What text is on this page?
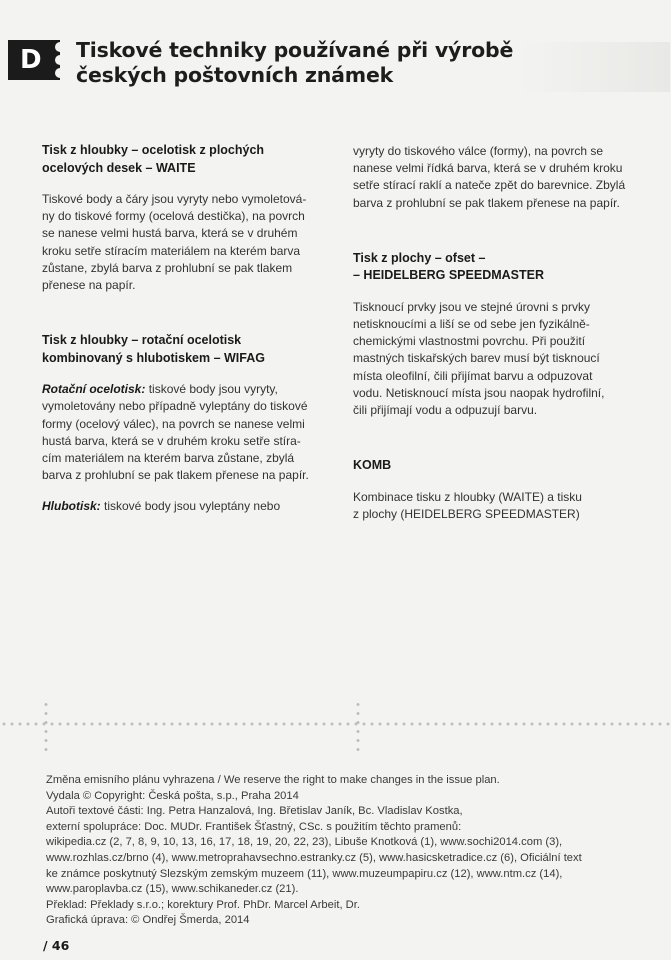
D Tiskové techniky používané při výrobě
českých poštovních známek
Tisk z hloubky – ocelotisk z plochých
ocelových desek – WAITE

Tiskové body a čáry jsou vyryty nebo vymoletová-
ny do tiskové formy (ocelová destička), na povrch
se nanese velmi hustá barva, která se v druhém
kroku setře stíracím materiálem na kterém barva
zůstane, zbylá barva z prohlubní se pak tlakem
přenese na papír.

Tisk z hloubky – rotační ocelotisk
kombinovaný s hlubotiskem – WIFAG

Rotační ocelotisk: tiskové body jsou vyryty,
vymoletovány nebo případně vyleptány do tiskové
formy (ocelový válec), na povrch se nanese velmi
hustá barva, která se v druhém kroku setře stíra-
cím materiálem na kterém barva zůstane, zbylá
barva z prohlubní se pak tlakem přenese na papír.

Hlubotisk: tiskové body jsou vyleptány nebo

vyryty do tiskového válce (formy), na povrch se
nanese velmi řídká barva, která se v druhém kroku
setře stírací raklí a nateče zpět do barevnice. Zbylá
barva z prohlubní se pak tlakem přenese na papír.

Tisk z plochy – ofset –
– HEIDELBERG SPEEDMASTER

Tisknoucí prvky jsou ve stejné úrovni s prvky
netisknoucími a liší se od sebe jen fyzikálně-
chemickými vlastnostmi povrchu. Při použití
mastných tiskařských barev musí být tisknoucí
místa oleofilní, čili přijímat barvu a odpuzovat
vodu. Netisknoucí místa jsou naopak hydrofilní,
čili přijímají vodu a odpuzují barvu.

KOMB

Kombinace tisku z hloubky (WAITE) a tisku
z plochy (HEIDELBERG SPEEDMASTER)

Změna emisního plánu vyhrazena / We reserve the right to make changes in the issue plan.
Vydala © Copyright: Česká pošta, s.p., Praha 2014
Autoři textové části: Ing. Petra Hanzalová, Ing. Břetislav Janík, Bc. Vladislav Kostka,
externí spolupráce: Doc. MUDr. František Šťastný, CSc. s použitím těchto pramenů:
wikipedia.cz (2, 7, 8, 9, 10, 13, 16, 17, 18, 19, 20, 22, 23), Libuše Knotková (1), www.sochi2014.com (3),
www.rozhlas.cz/brno (4), www.metroprahavsechno.estranky.cz (5), www.hasicsketradice.cz (6), Oficiální text
ke známce poskytnutý Slezským zemským muzeem (11), www.muzeumpapiru.cz (12), www.ntm.cz (14),
www.paroplavba.cz (15), www.schikaneder.cz (21).
Překlad: Překlady s.r.o.; korektury Prof. PhDr. Marcel Arbeit, Dr.
Grafická úprava: © Ondřej Šmerda, 2014
/ 46
